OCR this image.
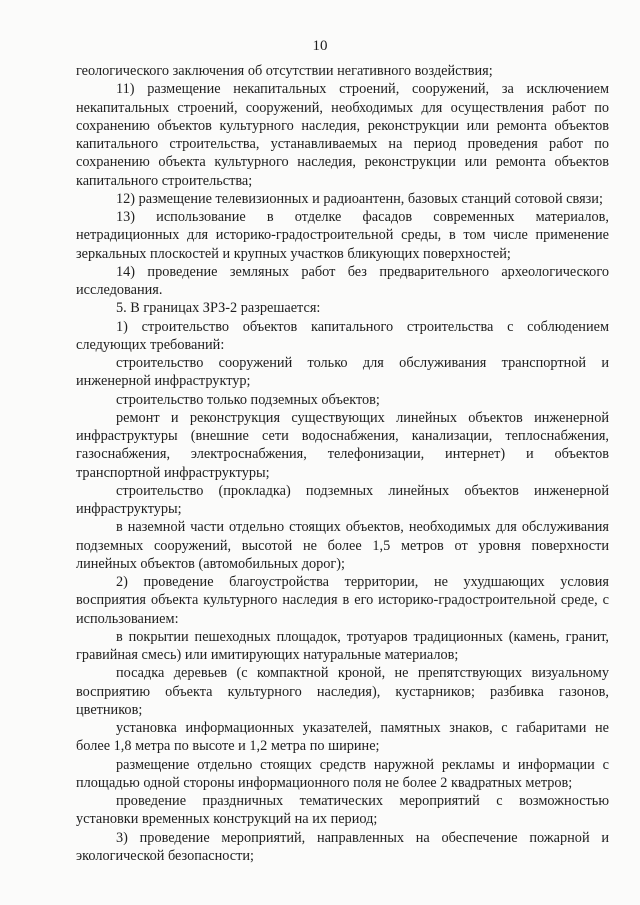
10

геологического заключения об отсутствии негативного воздействия;

11) размещение некапитальных строений, сооружений, за исключением некапитальных строений, сооружений, необходимых для осуществления работ по сохранению объектов культурного наследия, реконструкции или ремонта объектов капитального строительства, устанавливаемых на период проведения работ по сохранению объекта культурного наследия, реконструкции или ремонта объектов капитального строительства;

12) размещение телевизионных и радиоантенн, базовых станций сотовой связи;

13) использование в отделке фасадов современных материалов, нетрадиционных для историко-градостроительной среды, в том числе применение зеркальных плоскостей и крупных участков бликующих поверхностей;

14) проведение земляных работ без предварительного археологического исследования.

5. В границах ЗРЗ-2 разрешается:

1) строительство объектов капитального строительства с соблюдением следующих требований:

строительство сооружений только для обслуживания транспортной и инженерной инфраструктур;

строительство только подземных объектов;

ремонт и реконструкция существующих линейных объектов инженерной инфраструктуры (внешние сети водоснабжения, канализации, теплоснабжения, газоснабжения, электроснабжения, телефонизации, интернет) и объектов транспортной инфраструктуры;

строительство (прокладка) подземных линейных объектов инженерной инфраструктуры;

в наземной части отдельно стоящих объектов, необходимых для обслуживания подземных сооружений, высотой не более 1,5 метров от уровня поверхности линейных объектов (автомобильных дорог);

2) проведение благоустройства территории, не ухудшающих условия восприятия объекта культурного наследия в его историко-градостроительной среде, с использованием:

в покрытии пешеходных площадок, тротуаров традиционных (камень, гранит, гравийная смесь) или имитирующих натуральные материалов;

посадка деревьев (с компактной кроной, не препятствующих визуальному восприятию объекта культурного наследия), кустарников; разбивка газонов, цветников;

установка информационных указателей, памятных знаков, с габаритами не более 1,8 метра по высоте и 1,2 метра по ширине;

размещение отдельно стоящих средств наружной рекламы и информации с площадью одной стороны информационного поля не более 2 квадратных метров;

проведение праздничных тематических мероприятий с возможностью установки временных конструкций на их период;

3) проведение мероприятий, направленных на обеспечение пожарной и экологической безопасности;
